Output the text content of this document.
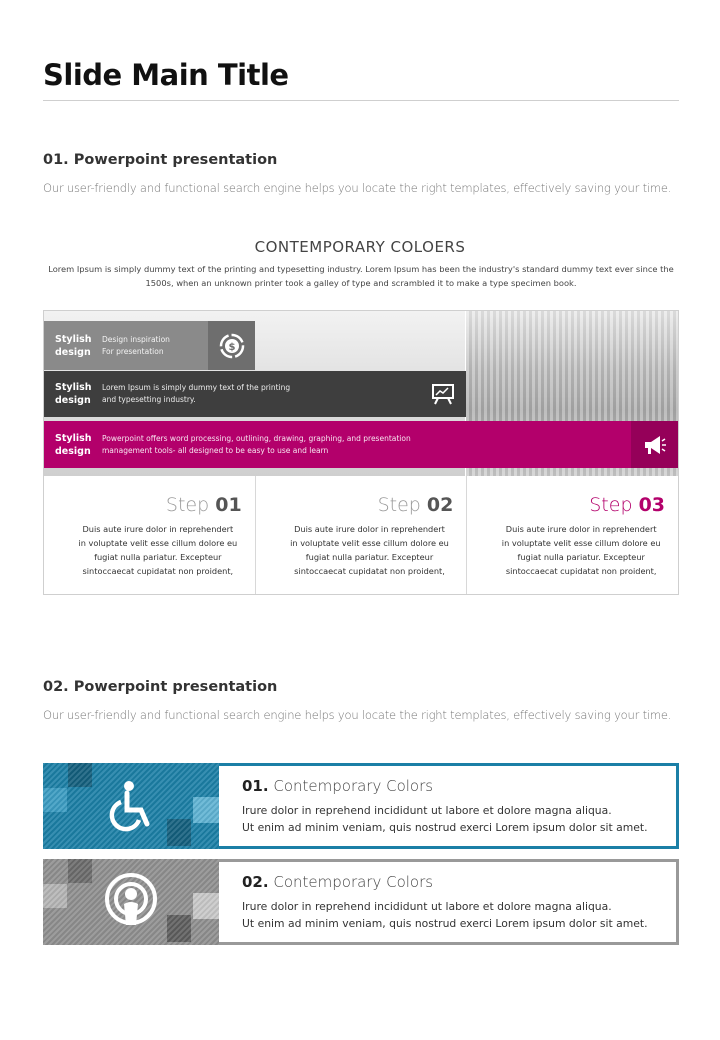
Slide Main Title
01. Powerpoint presentation
Our user-friendly and functional search engine helps you locate the right templates, effectively saving your time.
CONTEMPORARY COLOERS
Lorem Ipsum is simply dummy text of the printing and typesetting industry. Lorem Ipsum has been the industry's standard dummy text ever since the 1500s, when an unknown printer took a galley of type and scrambled it to make a type specimen book.
Stylish
design
Design inspiration
For presentation	$
Stylish
design
Lorem Ipsum is simply dummy text of the printing
and typesetting industry.
Stylish
design
Powerpoint offers word processing, outlining, drawing, graphing, and presentation
management tools- all designed to be easy to use and learn
Step 01
Duis aute irure dolor in reprehendert
in voluptate velit esse cillum dolore eu
fugiat nulla pariatur. Excepteur
sintoccaecat cupidatat non proident,
Step 02
Duis aute irure dolor in reprehendert
in voluptate velit esse cillum dolore eu
fugiat nulla pariatur. Excepteur
sintoccaecat cupidatat non proident,
Step 03
Duis aute irure dolor in reprehendert
in voluptate velit esse cillum dolore eu
fugiat nulla pariatur. Excepteur
sintoccaecat cupidatat non proident,
02. Powerpoint presentation
Our user-friendly and functional search engine helps you locate the right templates, effectively saving your time.
01. Contemporary Colors
Irure dolor in reprehend incididunt ut labore et dolore magna aliqua.
Ut enim ad minim veniam, quis nostrud exerci Lorem ipsum dolor sit amet.
02. Contemporary Colors
Irure dolor in reprehend incididunt ut labore et dolore magna aliqua.
Ut enim ad minim veniam, quis nostrud exerci Lorem ipsum dolor sit amet.
